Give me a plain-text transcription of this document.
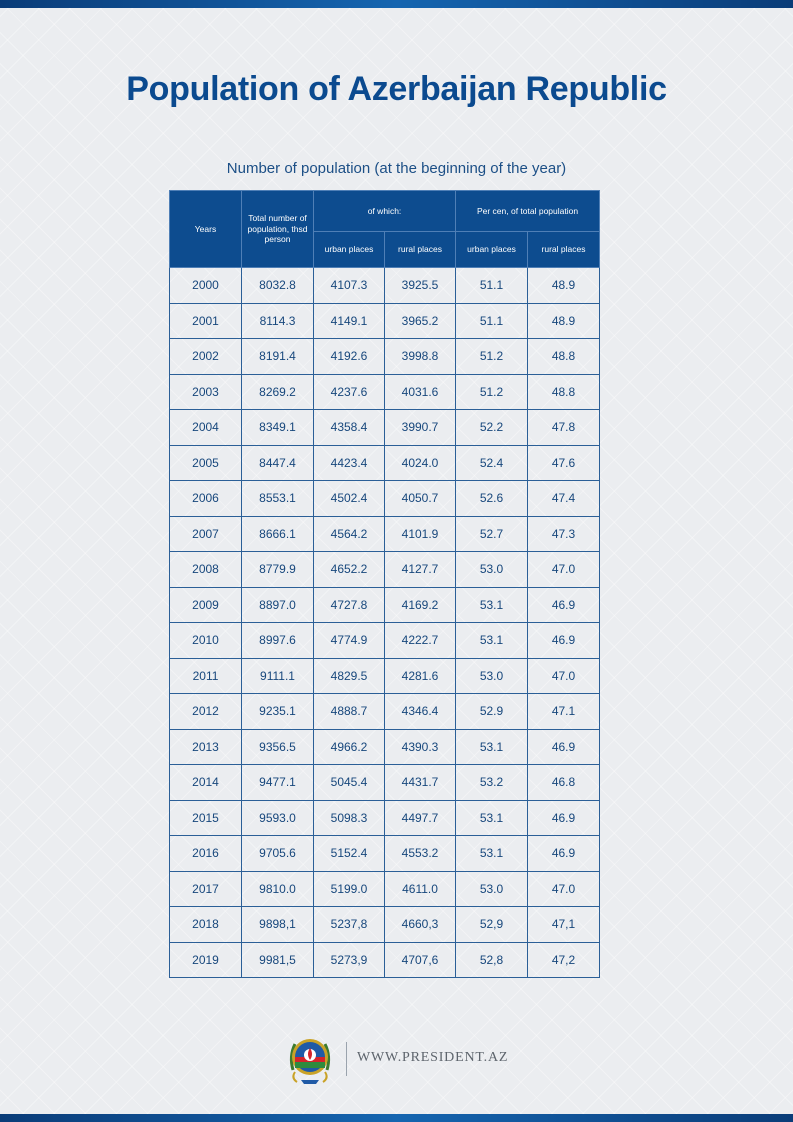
Population of Azerbaijan Republic
Number of population (at the beginning of the year)
Years	Total number of population, thsd person	of which:		Per cen, of total population	
		urban places	rural places	urban places	rural places
2000	8032.8	4107.3	3925.5	51.1	48.9
2001	8114.3	4149.1	3965.2	51.1	48.9
2002	8191.4	4192.6	3998.8	51.2	48.8
2003	8269.2	4237.6	4031.6	51.2	48.8
2004	8349.1	4358.4	3990.7	52.2	47.8
2005	8447.4	4423.4	4024.0	52.4	47.6
2006	8553.1	4502.4	4050.7	52.6	47.4
2007	8666.1	4564.2	4101.9	52.7	47.3
2008	8779.9	4652.2	4127.7	53.0	47.0
2009	8897.0	4727.8	4169.2	53.1	46.9
2010	8997.6	4774.9	4222.7	53.1	46.9
2011	9111.1	4829.5	4281.6	53.0	47.0
2012	9235.1	4888.7	4346.4	52.9	47.1
2013	9356.5	4966.2	4390.3	53.1	46.9
2014	9477.1	5045.4	4431.7	53.2	46.8
2015	9593.0	5098.3	4497.7	53.1	46.9
2016	9705.6	5152.4	4553.2	53.1	46.9
2017	9810.0	5199.0	4611.0	53.0	47.0
2018	9898,1	5237,8	4660,3	52,9	47,1
2019	9981,5	5273,9	4707,6	52,8	47,2
WWW.PRESIDENT.AZ
